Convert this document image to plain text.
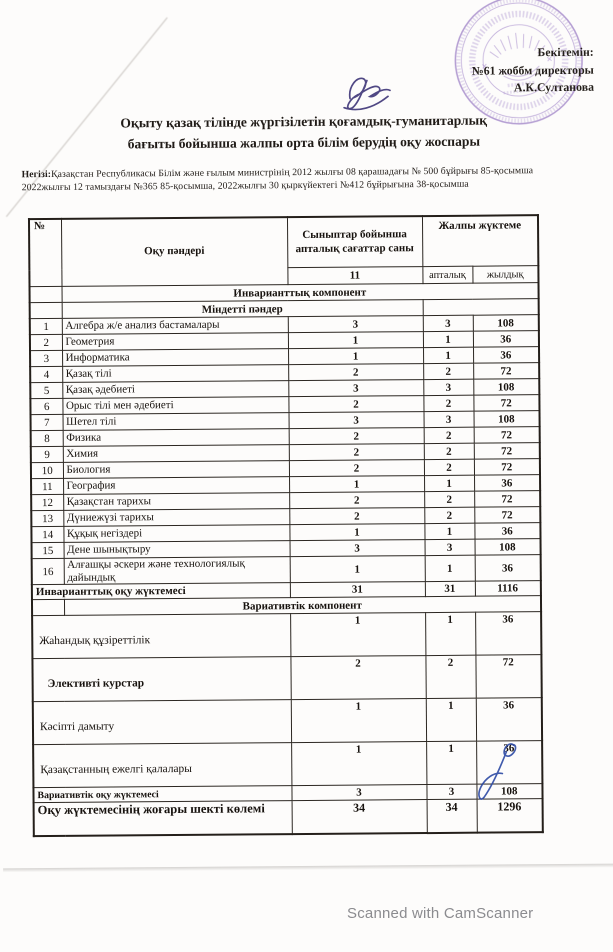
Бекітемін:
№61 жоббм директоры
А.К.Султанова
Оқыту қазақ тілінде жүргізілетін қоғамдық-гуманитарлық
бағыты бойынша жалпы орта білім берудің оқу жоспары
Негізі:Қазақстан Республикасы Білім және ғылым министрінің 2012 жылғы 08 қарашадағы № 500 бұйрығы 85-қосымша
2022жылғы 12 тамыздағы №365 85-қосымша, 2022жылғы 30 қыркүйектегі №412 бұйрығына 38-қосымша
№	Оқу пәндері	Сыныптар бойынша апталық сағаттар саны	Жалпы жүктеме	
		11	апталық	жылдық
	Инварианттық компонент			
	Міндетті пәндер			
1	Алгебра ж/е анализ бастамалары	3	3	108
2	Геометрия	1	1	36
3	Информатика	1	1	36
4	Қазақ тілі	2	2	72
5	Қазақ әдебиеті	3	3	108
6	Орыс тілі мен әдебиеті	2	2	72
7	Шетел тілі	3	3	108
8	Физика	2	2	72
9	Химия	2	2	72
10	Биология	2	2	72
11	География	1	1	36
12	Қазақстан тарихы	2	2	72
13	Дүниежүзі тарихы	2	2	72
14	Құқық негіздері	1	1	36
15	Дене шынықтыру	3	3	108
16	Алғашқы әскери және технологиялық дайындық	1	1	36
Инварианттық оқу жүктемесі		31	31	1116
	Вариативтік компонент			
Жаһандық құзіреттілік		1	1	36
Элективті курстар		2	2	72
Кәсіпті дамыту		1	1	36
Қазақстанның ежелгі қалалары		1	1	36
Вариативтік оқу жүктемесі		3	3	108
Оқу жүктемесінің жоғары шекті көлемі		34	34	1296
Scanned with CamScanner
